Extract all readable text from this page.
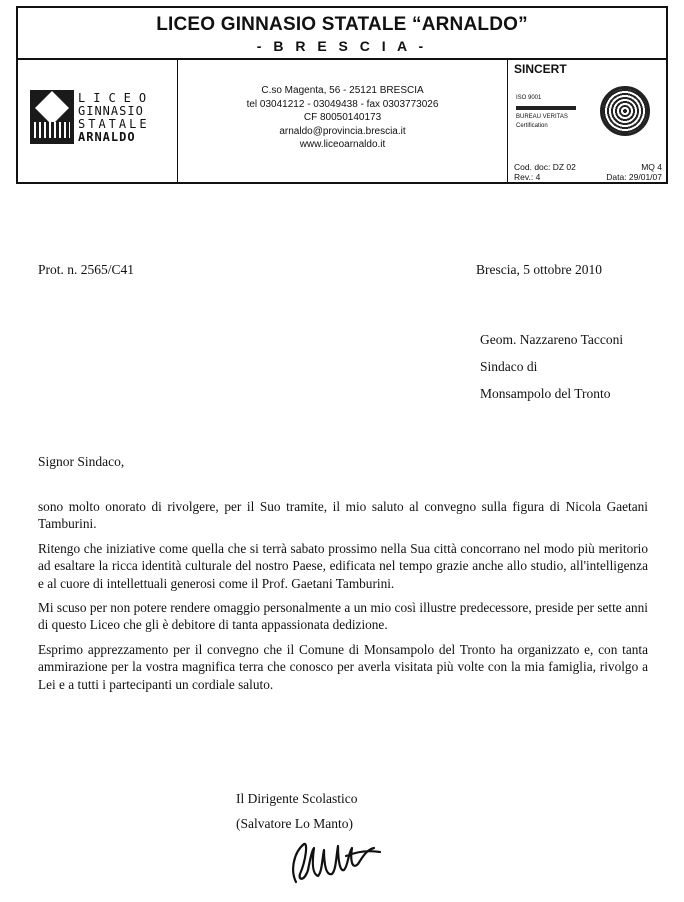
LICEO GINNASIO STATALE “ARNALDO”
- B R E S C I A -
LICEO
GINNASIO
STATALE
ARNALDO
C.so Magenta, 56 - 25121 BRESCIA
tel 03041212 - 03049438 - fax 0303773026
CF 80050140173
arnaldo@provincia.brescia.it
www.liceoarnaldo.it
SINCERT
ISO 9001
BUREAU VERITAS
Certification
Cod. doc: DZ 02	MQ 4
Rev.: 4	Data: 29/01/07
Prot. n. 2565/C41	Brescia, 5 ottobre 2010
Geom. Nazzareno Tacconi
Sindaco di
Monsampolo del Tronto
Signor Sindaco,

sono molto onorato di rivolgere, per il Suo tramite, il mio saluto al convegno sulla figura di Nicola Gaetani Tamburini.

Ritengo che iniziative come quella che si terrà sabato prossimo nella Sua città concorrano nel modo più meritorio ad esaltare la ricca identità culturale del nostro Paese, edificata nel tempo grazie anche allo studio, all'intelligenza e al cuore di intellettuali generosi come il Prof. Gaetani Tamburini.

Mi scuso per non potere rendere omaggio personalmente a un mio così illustre predecessore, preside per sette anni di questo Liceo che gli è debitore di tanta appassionata dedizione.

Esprimo apprezzamento per il convegno che il Comune di Monsampolo del Tronto ha organizzato e, con tanta ammirazione per la vostra magnifica terra che conosco per averla visitata più volte con la mia famiglia, rivolgo a Lei e a tutti i partecipanti un cordiale saluto.

Il Dirigente Scolastico
(Salvatore Lo Manto)
